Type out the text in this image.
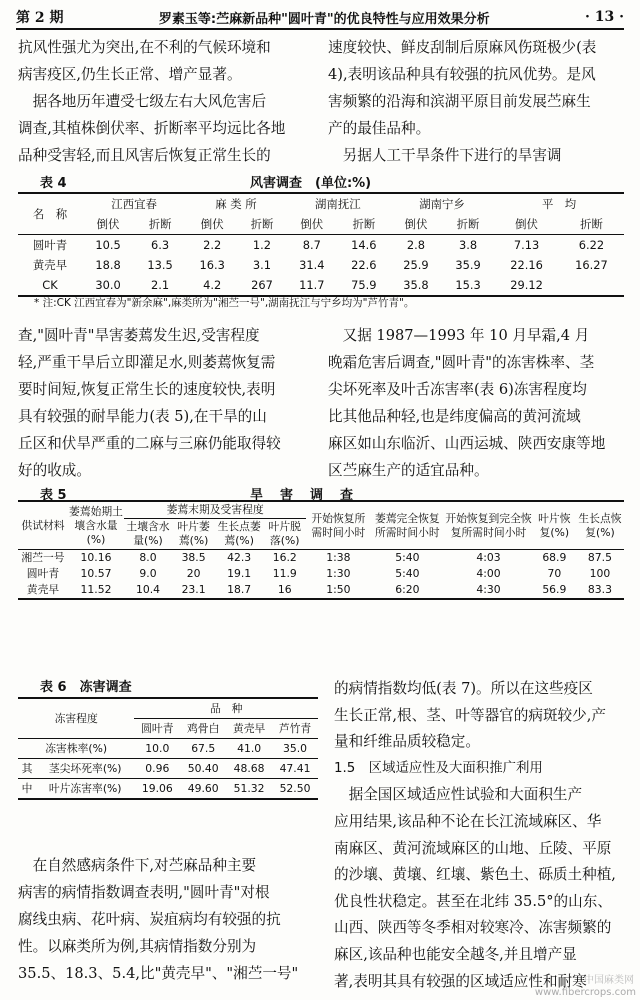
第 2 期	罗素玉等:苎麻新品种"圆叶青"的优良特性与应用效果分析	· 13 ·

抗风性强尤为突出,在不利的气候环境和

病害疫区,仍生长正常、增产显著。

　据各地历年遭受七级左右大风危害后

调查,其植株倒伏率、折断率平均远比各地

品种受害轻,而且风害后恢复正常生长的

速度较快、鲜皮刮制后原麻风伤斑极少(表

4),表明该品种具有较强的抗风优势。是风

害频繁的沿海和滨湖平原目前发展苎麻生

产的最佳品种。

　另据人工干旱条件下进行的旱害调

表 4	风害调查　(单位:%)
名　称	江西宜春		麻 类 所		湖南抚江		湖南宁乡		平　均	
	倒伏	折断	倒伏	折断	倒伏	折断	倒伏	折断	倒伏	折断
圆叶青	10.5	6.3	2.2	1.2	8.7	14.6	2.8	3.8	7.13	6.22
黄壳早	18.8	13.5	16.3	3.1	31.4	22.6	25.9	35.9	22.16	16.27
CK	30.0	2.1	4.2	267	11.7	75.9	35.8	15.3	29.12	
* 注:CK 江西宜春为"新余麻",麻类所为"湘苎一号",湖南抚江与宁乡均为"芦竹青"。

查,"圆叶青"旱害萎蔫发生迟,受害程度

轻,严重干旱后立即灌足水,则萎蔫恢复需

要时间短,恢复正常生长的速度较快,表明

具有较强的耐旱能力(表 5),在干旱的山

丘区和伏旱严重的二麻与三麻仍能取得较

好的收成。

　又据 1987—1993 年 10 月早霜,4 月

晚霜危害后调查,"圆叶青"的冻害株率、茎

尖坏死率及叶舌冻害率(表 6)冻害程度均

比其他品种轻,也是纬度偏高的黄河流域

麻区如山东临沂、山西运城、陕西安康等地

区苎麻生产的适宜品种。

表 5	旱　害　调　查
供试材料	萎蔫始期土壤含水量(%)	萎蔫末期及受害程度				开始恢复所需时间小时	萎蔫完全恢复所需时间小时	开始恢复到完全恢复所需时间小时	叶片恢复(%)	生长点恢复(%)
		土壤含水量(%)	叶片萎蔫(%)	生长点萎蔫(%)	叶片脱落(%)					
湘苎一号	10.16	8.0	38.5	42.3	16.2	1:38	5:40	4:03	68.9	87.5
圆叶青	10.57	9.0	20	19.1	11.9	1:30	5:40	4:00	70	100
黄壳早	11.52	10.4	23.1	18.7	16	1:50	6:20	4:30	56.9	83.3
表 6　冻害调查
冻害程度		品　种			
		圆叶青	鸡骨白	黄壳早	芦竹青
冻害株率(%)		10.0	67.5	41.0	35.0
其	茎尖坏死率(%)	0.96	50.40	48.68	47.41
中	叶片冻害率(%)	19.06	49.60	51.32	52.50

　在自然感病条件下,对苎麻品种主要

病害的病情指数调查表明,"圆叶青"对根

腐线虫病、花叶病、炭疽病均有较强的抗

性。以麻类所为例,其病情指数分别为

35.5、18.3、5.4,比"黄壳早"、"湘苎一号"

的病情指数均低(表 7)。所以在这些疫区

生长正常,根、茎、叶等器官的病斑较少,产

量和纤维品质较稳定。

1.5　区域适应性及大面积推广利用

　据全国区域适应性试验和大面积生产

应用结果,该品种不论在长江流域麻区、华

南麻区、黄河流域麻区的山地、丘陵、平原

的沙壤、黄壤、红壤、紫色土、砾质土种植,

优良性状稳定。甚至在北纬 35.5°的山东、

山西、陕西等冬季相对较寒冷、冻害频繁的

麻区,该品种也能安全越冬,并且增产显

著,表明其具有较强的区域适应性和耐寒

中国麻类网
www.fibercrops.com
